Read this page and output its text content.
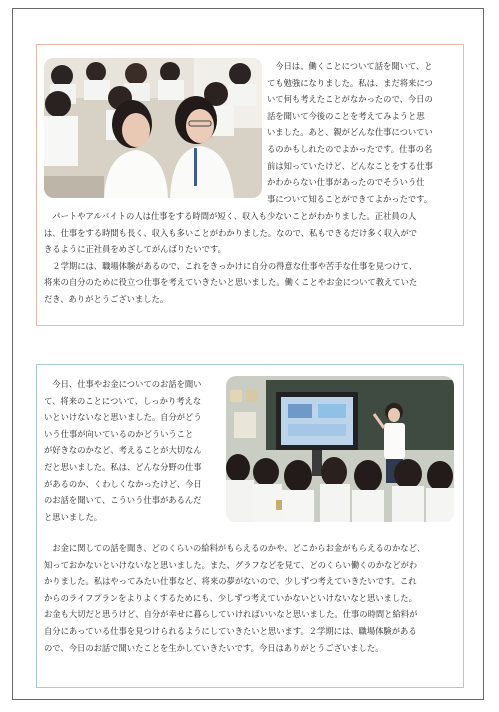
　今日は、働くことについて話を聞いて、と
ても勉強になりました。私は、まだ将来につ
いて何も考えたことがなかったので、今日の
話を聞いて今後のことを考えてみようと思
いました。あと、親がどんな仕事についてい
るのかもしれたのでよかったです。仕事の名
前は知っていたけど、どんなことをする仕事
かわからない仕事があったのでそういう仕
事について知ることができてよかったです。

　パートやアルバイトの人は仕事をする時間が短く、収入も少ないことがわかりました。正社員の人
は、仕事をする時間も長く、収入も多いことがわかりました。なので、私もできるだけ多く収入がで
きるように正社員をめざしてがんばりたいです。
　２学期には、職場体験があるので、これをきっかけに自分の得意な仕事や苦手な仕事を見つけて、
将来の自分のために役立つ仕事を考えていきたいと思いました。働くことやお金について教えていた
だき、ありがとうございました。

　今日、仕事やお金についてのお話を聞い
て、将来のことについて、しっかり考えな
いといけないなと思いました。自分がどう
いう仕事が向いているのかどういうこと
が好きなのかなど、考えることが大切なん
だと思いました。私は、どんな分野の仕事
があるのか、くわしくなかったけど、今日
のお話を聞いて、こういう仕事があるんだ
と思いました。

　お金に関しての話を聞き、どのくらいの給料がもらえるのかや、どこからお金がもらえるのかなど、
知っておかないといけないなと思いました。また、グラフなどを見て、どのくらい働くのかなどがわ
かりました。私はやってみたい仕事など、将来の夢がないので、少しずつ考えていきたいです。これ
からのライフプランをよりよくするためにも、少しずつ考えていかないといけないなと思いました。
お金も大切だと思うけど、自分が幸せに暮らしていければいいなと思いました。仕事の時間と給料が
自分にあっている仕事を見つけられるようにしていきたいと思います。２学期には、職場体験がある
ので、今日のお話で聞いたことを生かしていきたいです。今日はありがとうございました。
